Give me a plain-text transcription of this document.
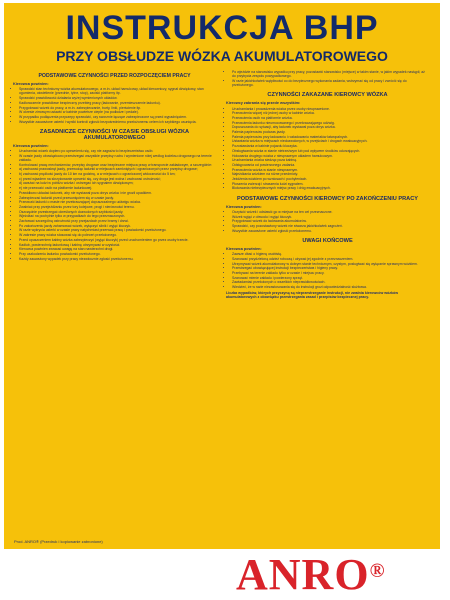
INSTRUKCJA BHP
PRZY OBSŁUDZE WÓZKA AKUMULATOROWEGO
PODSTAWOWE CZYNNOŚCI PRZED ROZPOCZĘCIEM PRACY
Kierowca powinien:
• Sprawdzić stan techniczny wózka akumulatorowego, a m.in. układ hamulcowy, układ kierowniczy, sygnał dźwiękowy, stan ogumienia, oświetlenie (przednie, tylne, stop), zaciski platformy itp.
• Sprawdzić prawidłowość działania wyżej wymienionych układów.
• Kadłoraczenie prawidłowe bezpieczny przebieg pracy (ładowanie, przemieszczenie ładunku).
• Przygotować wózek do pracy, a m.in. zabezpieczanie, burty, linki, pierścienie itp.
• W okresie zimowym ustawić w kabinie powietrze ciepłe (na podłodze i pedale).
• W przypadku podłączenia przyczepy sprawdzić, czy sworznie łączące zabezpieczone są przed wypadnięciem.
• Wszystkie zauważone usterki i wyniki kontroli zgłosić bezpośredniemu przełożonemu celem ich szybkiego usunięcia.
ZASADNICZE CZYNNOŚCI W CZASIE OBSŁUGI WÓZKA AKUMULATOROWEGO
Kierowca powinien:
• Uruchamiać wózek dopiero po upewnieniu się, czy nie zagraża to bezpieczeństwu osób.
• W czasie jazdy obowiązkowo przestrzegać wszystkie przepisy ruchu i wymienione niżej według kodeksu drogowego na terenie zakładu.
• Kontrolować pracę mechanizmów, przepisy drogowe oraz bezpieczne miejsca pracy w transporcie zakładowym, a szczególnie:
• a) zachować prawoskręt jazdy, przewożąc ładunki w miejscach zamkniętych i ograniczonych przez przepisy drogowe;
• b) zachować prędkość jazdy do 10 km na godzinę, a w miejscach o ograniczonej widoczności do 5 km;
• c) przed wjazdem na skrzyżowanie upewnić się, czy droga jest wolna i zachować ostrożność;
• d) uważać na ludzi w pobliżu wózka i ostrzegać ich sygnałem dźwiękowym;
• e) nie przewozić osób na platformie ładunkowej.
• Prawidłowo układać ładunek, aby nie wystawał poza obrys wózka i nie groził upadkiem.
• Zabezpieczać ładunki przed przesunięciem się w czasie jazdy.
• Przewozić ładunki o masie nie przekraczającej dopuszczalnego udźwigu wózka.
• Zwalniać przy przejeżdżaniu przez tory kolejowe, progi i nierówności terenu.
• Oszczędnie przestrzegać określonych dozwolonych szybkości jazdy.
• Wjeżdżać na pochylnie tylko w przypadkach do tego przeznaczonych.
• Zachować szczególną ostrożność przy przejazdach przez bramy i drzwi.
• Po zakończeniu jazdy zahamować wózek, wyłączyć silnik i wyjąć kluczyk.
• W razie wykrycia usterki w czasie pracy natychmiast przerwać pracę i powiadomić przełożonego.
• W zakresie pracy wózka stosować się do poleceń przełożonego.
• Przed opuszczeniem kabiny wózka zabezpieczyć (wyjąć kluczyk) przed uruchomieniem go przez osoby trzecie.
• Kadłub, powierzchnię ładunkową i kabinę utrzymywać w czystości.
• Kierowca powinien zwracać uwagę na stan nawierzchni drogi.
• Przy uszkodzeniu ładunku powiadomić przełożonego.
• Każdy zauważony wypadek przy pracy niezwłocznie zgłosić przełożonemu.
• Po wjeździe na stanowisko wypadku przy pracy, pozostawić stanowisko (miejsce) w takim stanie, w jakim wypadek nastąpił, aż do przybycia zespołu powypadkowego.
• W razie jakichkolwiek wątpliwości co do bezpiecznego wykonania zadania, wstrzymać się od pracy i zwrócić się do przełożonego.
CZYNNOŚCI ZAKAZANE KIEROWCY WÓZKA
Kierowcy zabrania się przede wszystkim:
• Uruchamiania i prowadzenia wózka przez osoby nieuprawnione.
• Przewożenia więcej niż jednej osoby w kabinie wózka.
• Przewożenia osób na platformie wózka.
• Przewożenia ładunku nieumocowanego i przekraczającego udźwig.
• Dopuszczania do sytuacji, aby ładunek wystawał poza obrys wózka.
• Palenia papierosów podczas jazdy.
• Palenia papierosów przy ładowaniu i rozładowaniu materiałów łatwopalnych.
• Ustawiania wózka w miejscach niedozwolonych, w przejściach i drogach ewakuacyjnych.
• Pozostawiania w kabinie pojazdu kluczyka.
• Obsługiwania wózka w stanie nietrzeźwym lub pod wpływem środków odurzających.
• Holowania drugiego wózka z niesprawnym układem hamulcowym.
• Uruchamiania wózka siedząc poza kabiną.
• Odstępowania od powierzonego zadania.
• Przewożenia wózka w stanie niesprawnym.
• Najeżdżania wózkiem na różne przedmioty.
• Jeżdżenia wózkiem po wzniosach i pochyleniach.
• Płoszenia zwierząt i straszenia ludzi sygnałem.
• Blokowania niebezpiecznych miejsc pracy i dróg ewakuacyjnych.
PODSTAWOWE CZYNNOŚCI KIEROWCY PO ZAKOŃCZENIU PRACY
Kierowca powinien:
• Oczyścić wózek i odstawić go w miejsce na ten cel przeznaczone.
• Wózek wyjąć z obwodu i wyjąć kluczyk.
• Przygotować wózek do ładowania akumulatorów.
• Sprawdzić, czy pozostawiony wózek nie stwarza jakichkolwiek zagrożeń.
• Wszystkie zauważone usterki zgłosić przełożonemu.
UWAGI KOŃCOWE
Kierowca powinien:
• Zawsze dbać o higienę osobistą.
• Szanować przydzieloną odzież roboczą i używać jej zgodnie z przeznaczeniem.
• Utrzymywać wózek akumulatorowy w dobrym stanie technicznym, czystym, posługiwać się wyłącznie sprawnym wózkiem.
• Przestrzegać obowiązującej instrukcji bezpieczeństwa i higieny pracy.
• Przebywać na terenie zakładu tylko w czasie i miejscu pracy.
• Szanować mienie zakładu i powierzony sprzęt.
• Zawiadamiać przełożonych o wszelkich nieprawidłowościach.
• Wiedzieć, że w razie niezastosowania się do instrukcji grozi odpowiedzialność służbowa.
Liczba wypadków, których przyczyną są nieprzestrzeganie instrukcji, nie zwalnia kierowców wózków akumulatorowych z obowiązku przestrzegania zasad i przepisów bezpiecznej pracy.
Prod. ANRO® (Przedruk i kopiowanie zabronione)
ANRO®
